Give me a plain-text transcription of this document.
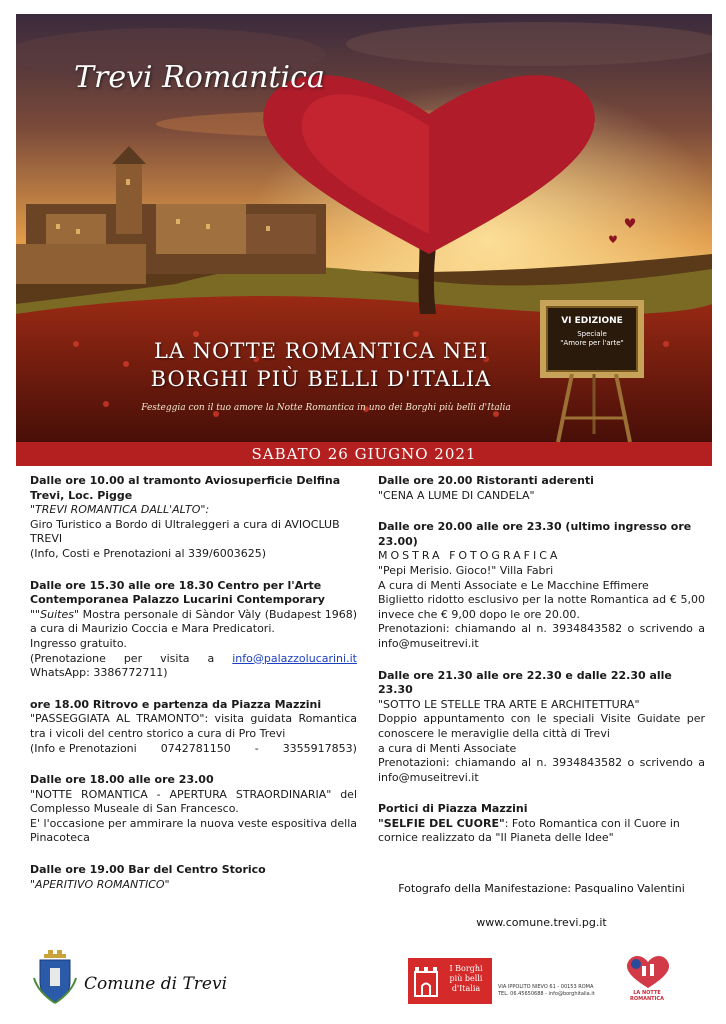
Trevi Romantica
LA NOTTE ROMANTICA NEI
BORGHI PIÙ BELLI D'ITALIA
Festeggia con il tuo amore la Notte Romantica in uno dei Borghi più belli d'Italia
VI EDIZIONE
Speciale
"Amore per l'arte"
SABATO 26 GIUGNO 2021
Dalle ore 10.00 al tramonto Aviosuperficie Delfina Trevi, Loc. Pigge
"TREVI ROMANTICA DALL'ALTO":
Giro Turistico a Bordo di Ultraleggeri a cura di AVIOCLUB TREVI
(Info, Costi e Prenotazioni al 339/6003625)
Dalle ore 15.30 alle ore 18.30 Centro per l'Arte Contemporanea Palazzo Lucarini Contemporary
""Suites" Mostra personale di Sàndor Vàly (Budapest 1968) a cura di Maurizio Coccia e Mara Predicatori.
Ingresso gratuito.
(Prenotazione per visita a info@palazzolucarini.it
WhatsApp: 3386772711)
ore 18.00 Ritrovo e partenza da Piazza Mazzini
"PASSEGGIATA AL TRAMONTO": visita guidata Romantica tra i vicoli del centro storico a cura di Pro Trevi
(Info e Prenotazioni 0742781150 - 3355917853)
Dalle ore 18.00 alle ore 23.00
"NOTTE ROMANTICA - APERTURA STRAORDINARIA" del Complesso Museale di San Francesco.
E' l'occasione per ammirare la nuova veste espositiva della Pinacoteca
Dalle ore 19.00 Bar del Centro Storico
"APERITIVO ROMANTICO"
Dalle ore 20.00 Ristoranti aderenti
"CENA A LUME DI CANDELA"
Dalle ore 20.00 alle ore 23.30 (ultimo ingresso ore 23.00)
MOSTRA FOTOGRAFICA
"Pepi Merisio. Gioco!" Villa Fabri
A cura di Menti Associate e Le Macchine Effimere
Biglietto ridotto esclusivo per la notte Romantica ad € 5,00 invece che € 9,00 dopo le ore 20.00.
Prenotazioni: chiamando al n. 3934843582 o scrivendo a info@museitrevi.it
Dalle ore 21.30 alle ore 22.30 e dalle 22.30 alle 23.30
"SOTTO LE STELLE TRA ARTE E ARCHITETTURA"
Doppio appuntamento con le speciali Visite Guidate per conoscere le meraviglie della città di Trevi
a cura di Menti Associate
Prenotazioni: chiamando al n. 3934843582 o scrivendo a info@museitrevi.it
Portici di Piazza Mazzini
"SELFIE DEL CUORE": Foto Romantica con il Cuore in cornice realizzato da "Il Pianeta delle Idee"
Fotografo della Manifestazione: Pasqualino Valentini
www.comune.trevi.pg.it
Comune di Trevi
I Borghi
più belli
d'Italia	VIA IPPOLITO NIEVO 61 - 00153 ROMA
TEL. 06.45650688 - info@borghitalia.it	LA NOTTE
ROMANTICA
